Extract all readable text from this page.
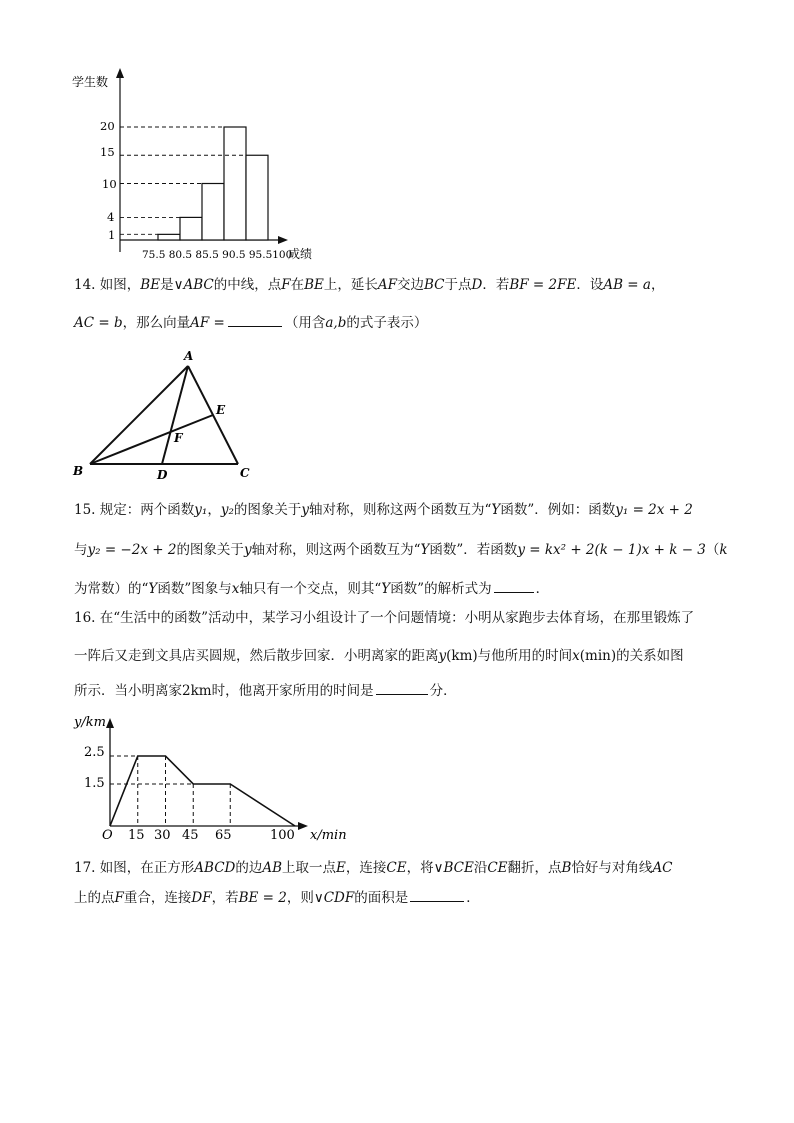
学生数
成绩
20
15
10
4
1
75.5 80.5 85.5 90.5 95.5100
14. 如图，BE是∨ABC的中线，点F在BE上，延长AF交边BC于点D．若BF = 2FE．设AB = a，
AC = b，那么向量AF =	（用含a,b的式子表示）
A
E
F
B	D	C
15. 规定：两个函数y₁，y₂的图象关于y轴对称，则称这两个函数互为“Y函数”．例如：函数y₁ = 2x + 2
与y₂ = −2x + 2的图象关于y轴对称，则这两个函数互为“Y函数”．若函数y = kx² + 2(k − 1)x + k − 3（k
为常数）的“Y函数”图象与x轴只有一个交点，则其“Y函数”的解析式为	．
16. 在“生活中的函数”活动中，某学习小组设计了一个问题情境：小明从家跑步去体育场，在那里锻炼了
一阵后又走到文具店买圆规，然后散步回家．小明离家的距离y(km)与他所用的时间x(min)的关系如图
所示．当小明离家2km时，他离开家所用的时间是	分．
y/km
x/min
O
2.5
1.5
15 30 45 65	100
17. 如图，在正方形ABCD的边AB上取一点E，连接CE，将∨BCE沿CE翻折，点B恰好与对角线AC
上的点F重合，连接DF，若BE = 2，则∨CDF的面积是	．
